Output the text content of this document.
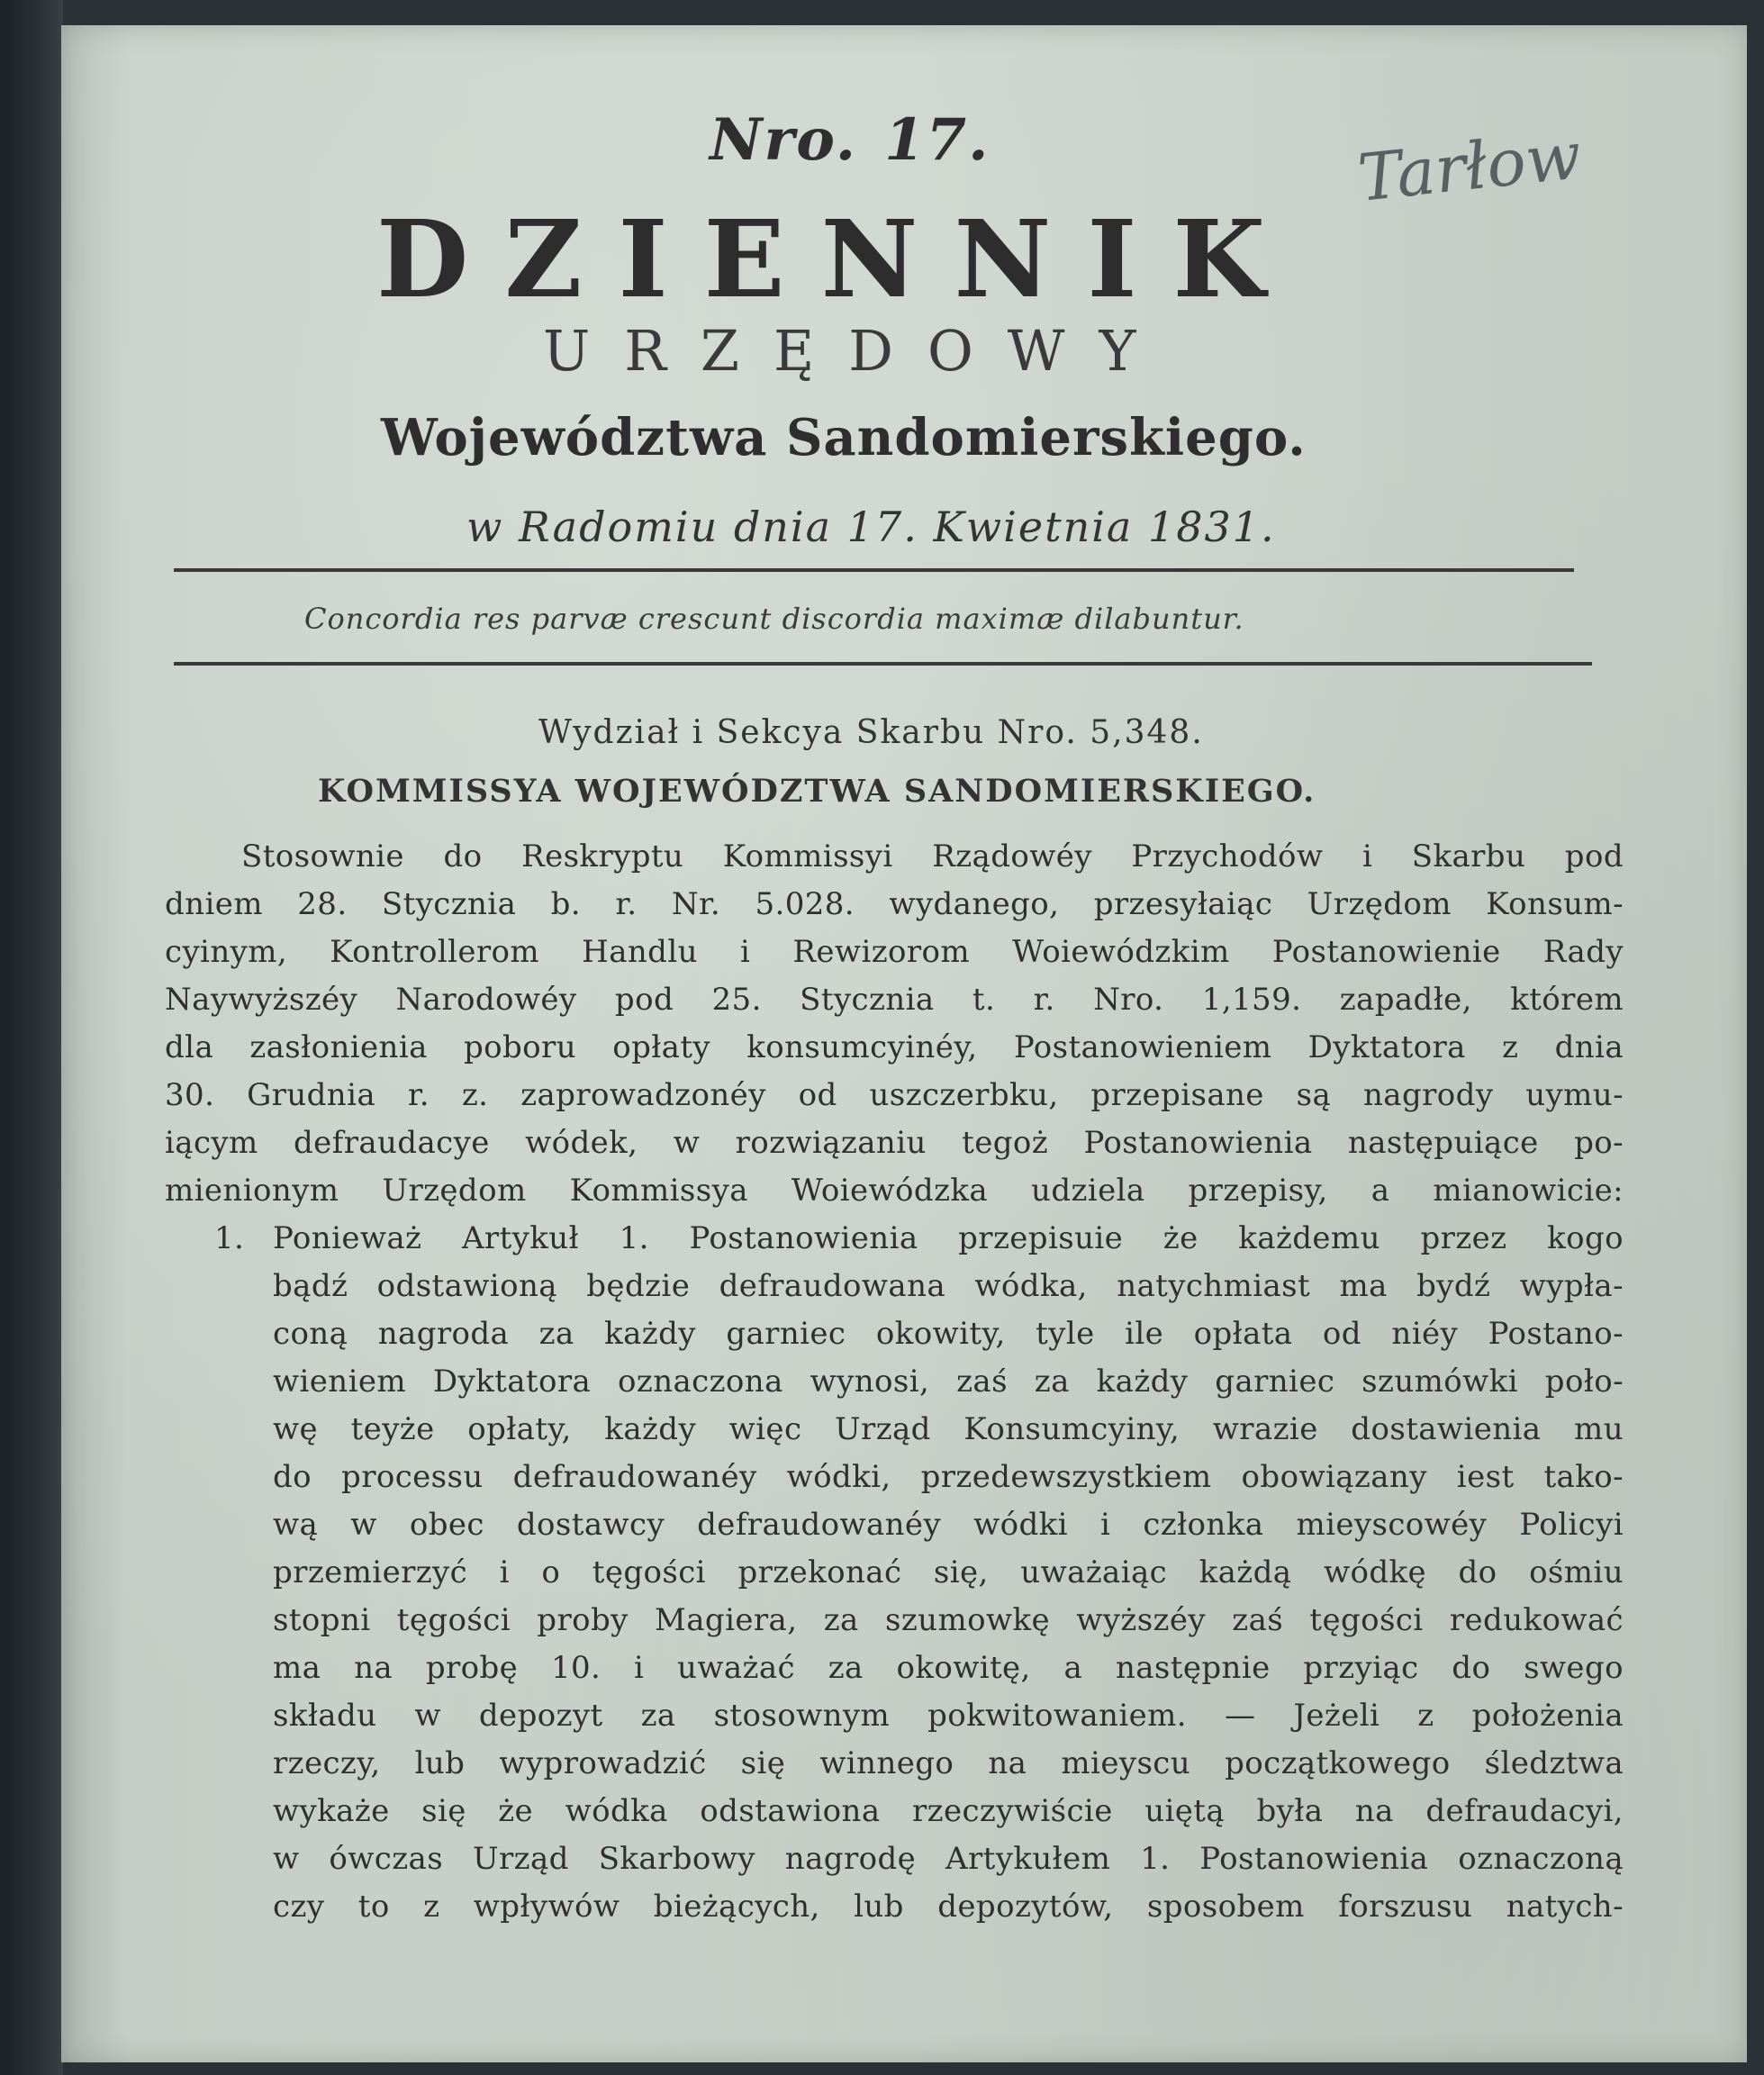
Nro. 17.	Tarłow
DZIENNIK
URZĘDOWY
Województwa Sandomierskiego.
w Radomiu dnia 17. Kwietnia 1831.
Concordia res parvæ crescunt discordia maximæ dilabuntur.
Wydział i Sekcya Skarbu Nro. 5,348.
KOMMISSYA WOJEWÓDZTWA SANDOMIERSKIEGO.
Stosownie do Reskryptu Kommissyi Rządowéy Przychodów i Skarbu pod
dniem 28. Stycznia b. r. Nr. 5.028. wydanego, przesyłaiąc Urzędom Konsum-
cyinym, Kontrollerom Handlu i Rewizorom Woiewódzkim Postanowienie Rady
Naywyższéy Narodowéy pod 25. Stycznia t. r. Nro. 1,159. zapadłe, którem
dla zasłonienia poboru opłaty konsumcyinéy, Postanowieniem Dyktatora z dnia
30. Grudnia r. z. zaprowadzonéy od uszczerbku, przepisane są nagrody uymu-
iącym defraudacye wódek, w rozwiązaniu tegoż Postanowienia następuiące po-
mienionym Urzędom Kommissya Woiewódzka udziela przepisy, a mianowicie:
1. Ponieważ Artykuł 1. Postanowienia przepisuie że każdemu przez kogo
bądź odstawioną będzie defraudowana wódka, natychmiast ma bydź wypła-
coną nagroda za każdy garniec okowity, tyle ile opłata od niéy Postano-
wieniem Dyktatora oznaczona wynosi, zaś za każdy garniec szumówki poło-
wę teyże opłaty, każdy więc Urząd Konsumcyiny, wrazie dostawienia mu
do processu defraudowanéy wódki, przedewszystkiem obowiązany iest tako-
wą w obec dostawcy defraudowanéy wódki i członka mieyscowéy Policyi
przemierzyć i o tęgości przekonać się, uważaiąc każdą wódkę do ośmiu
stopni tęgości proby Magiera, za szumowkę wyższéy zaś tęgości redukować
ma na probę 10. i uważać za okowitę, a następnie przyiąc do swego
składu w depozyt za stosownym pokwitowaniem. — Jeżeli z położenia
rzeczy, lub wyprowadzić się winnego na mieyscu początkowego śledztwa
wykaże się że wódka odstawiona rzeczywiście uiętą była na defraudacyi,
w ówczas Urząd Skarbowy nagrodę Artykułem 1. Postanowienia oznaczoną
czy to z wpływów bieżących, lub depozytów, sposobem forszusu natych-
